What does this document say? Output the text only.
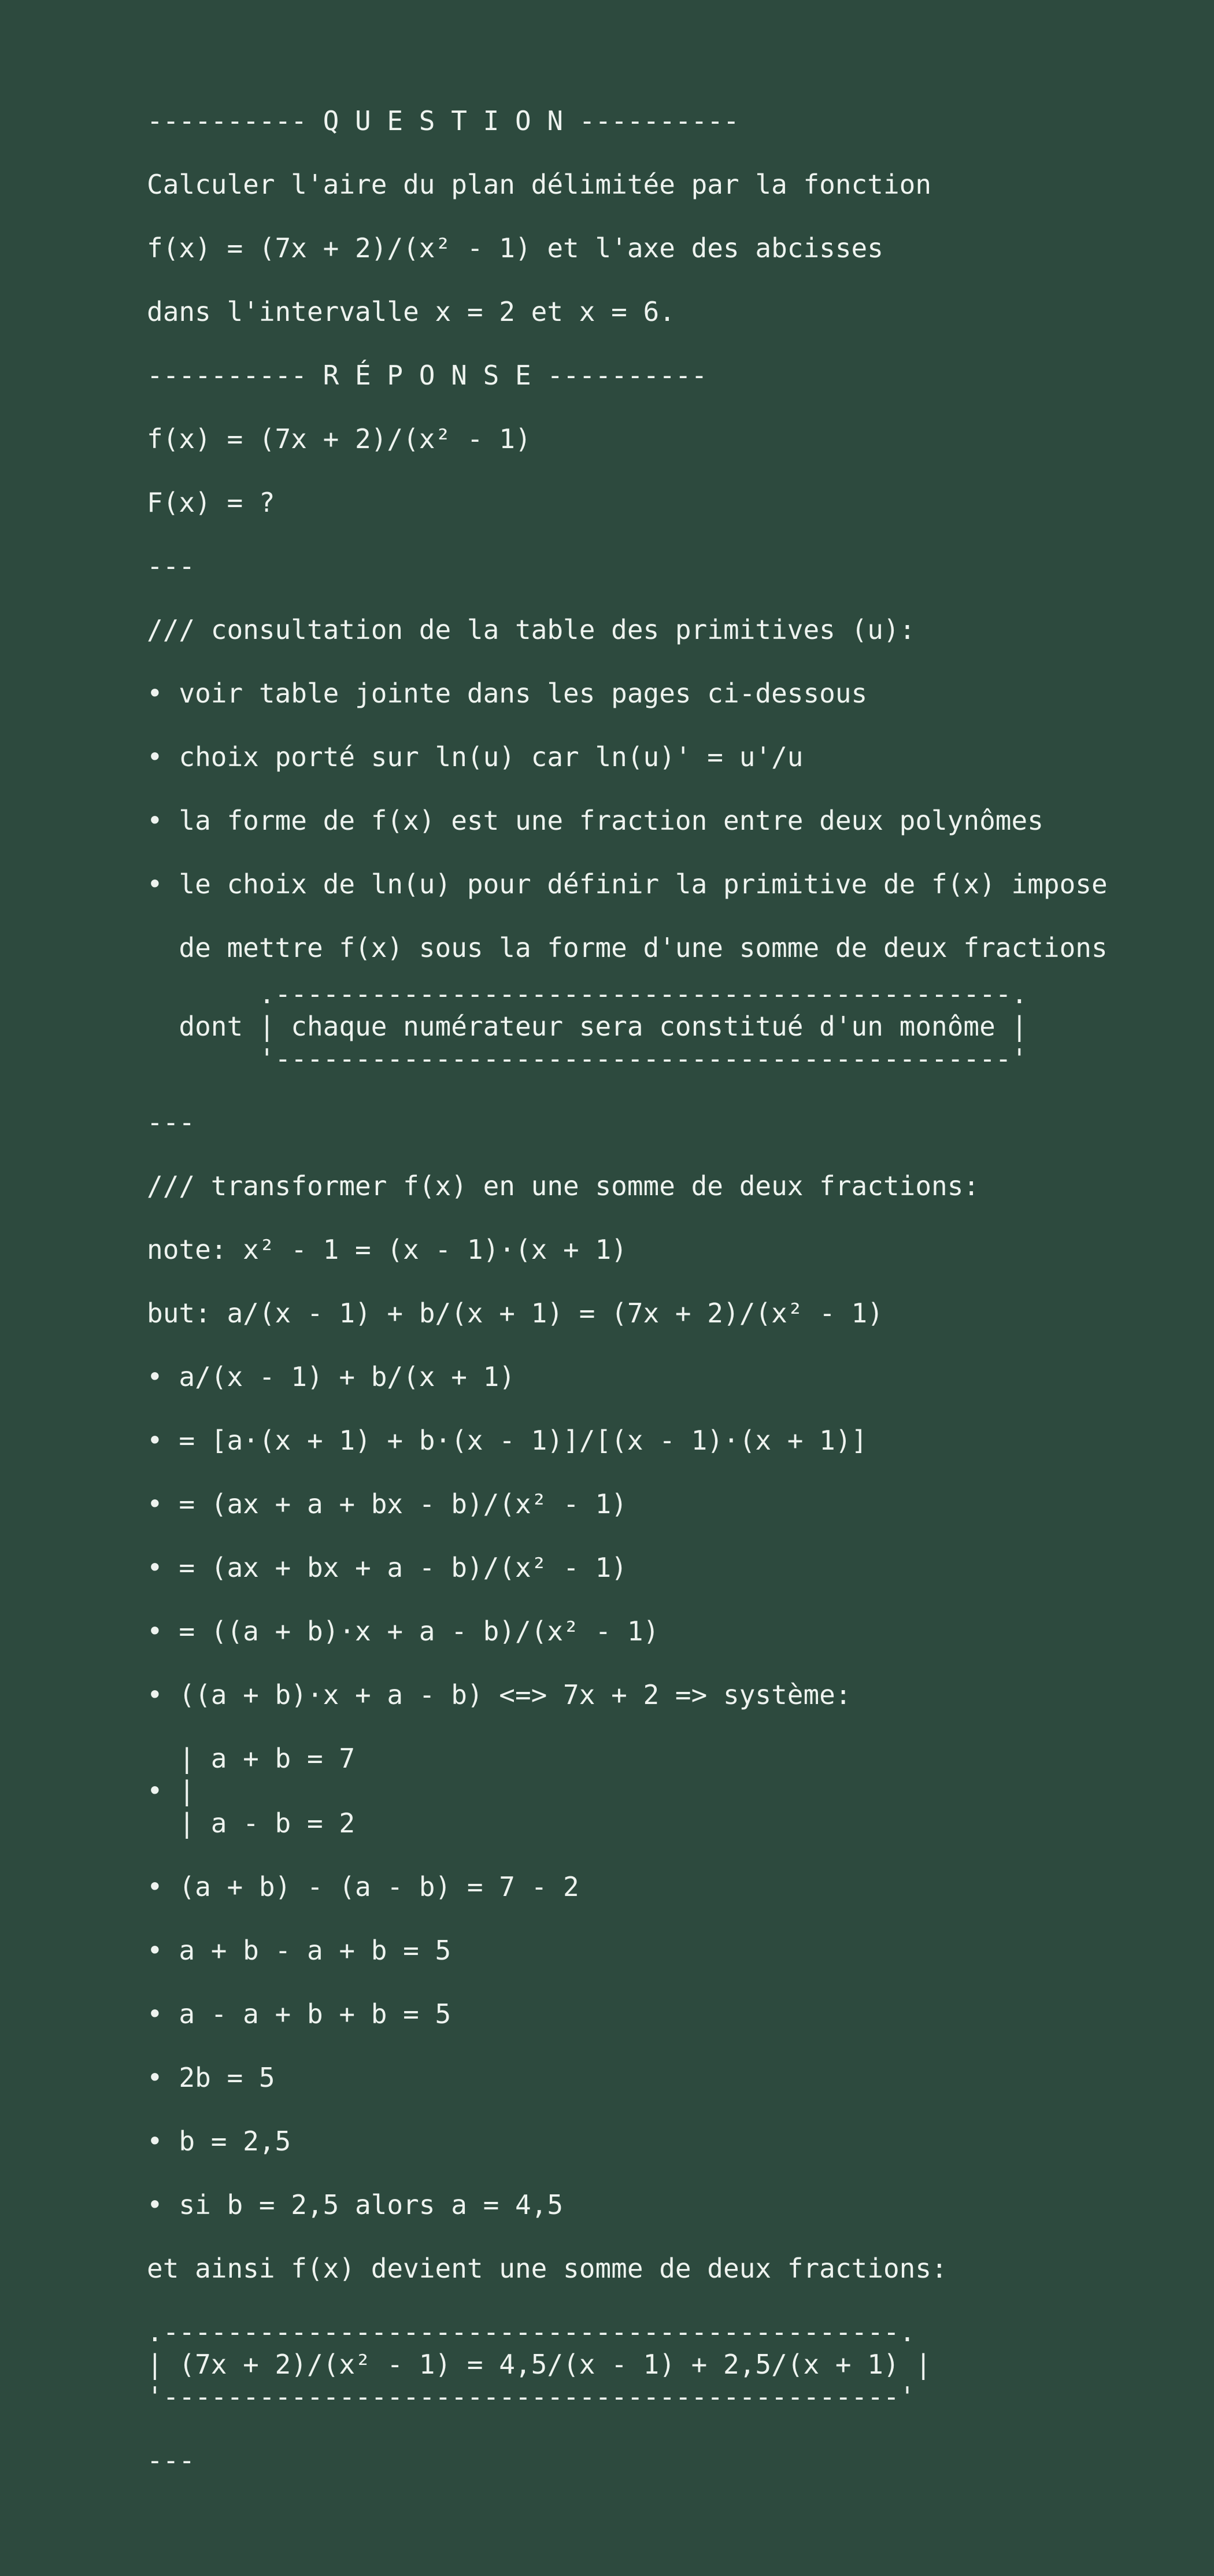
---------- Q U E S T I O N ----------
Calculer l'aire du plan délimitée par la fonction
f(x) = (7x + 2)/(x² - 1) et l'axe des abcisses
dans l'intervalle x = 2 et x = 6.
---------- R É P O N S E ----------
f(x) = (7x + 2)/(x² - 1)
F(x) = ?
---
/// consultation de la table des primitives (u):
• voir table jointe dans les pages ci-dessous
• choix porté sur ln(u) car ln(u)' = u'/u
• la forme de f(x) est une fraction entre deux polynômes
• le choix de ln(u) pour définir la primitive de f(x) impose
de mettre f(x) sous la forme d'une somme de deux fractions
.----------------------------------------------.
dont | chaque numérateur sera constitué d'un monôme |
'----------------------------------------------'
---
/// transformer f(x) en une somme de deux fractions:
note: x² - 1 = (x - 1)·(x + 1)
but: a/(x - 1) + b/(x + 1) = (7x + 2)/(x² - 1)
• a/(x - 1) + b/(x + 1)
• = [a·(x + 1) + b·(x - 1)]/[(x - 1)·(x + 1)]
• = (ax + a + bx - b)/(x² - 1)
• = (ax + bx + a - b)/(x² - 1)
• = ((a + b)·x + a - b)/(x² - 1)
• ((a + b)·x + a - b) <=> 7x + 2 => système:
| a + b = 7
• |
| a - b = 2
• (a + b) - (a - b) = 7 - 2
• a + b - a + b = 5
• a - a + b + b = 5
• 2b = 5
• b = 2,5
• si b = 2,5 alors a = 4,5
et ainsi f(x) devient une somme de deux fractions:
.----------------------------------------------.
| (7x + 2)/(x² - 1) = 4,5/(x - 1) + 2,5/(x + 1) |
'----------------------------------------------'
---
